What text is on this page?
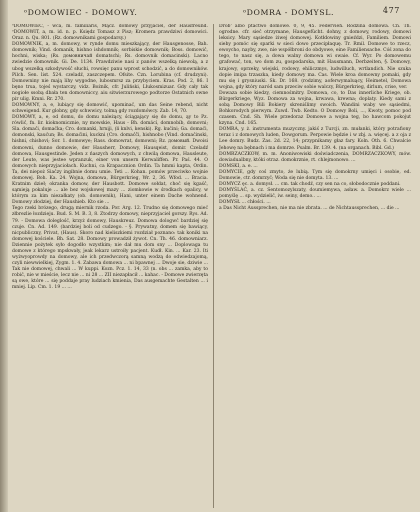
ᵒDOMOWIEC - DOMOWY.	ᵒDOMRA - DOMYSL.	477

ᵒDOMOWIEC, - wca, m. familiaris, Mącz. domowy przyjaciel, der Hausfreund. ᵒDOMOWIT, a, m. id. n. p. Księdz Tomasz z Pisz; Kromera prawdziwi domowici. Oraz. n. Qu. 801. (Rz. domownikami gospodarsy.)

DOMOWNIK, a, m. domowy, w rynde domu mieszkający, der Hausgenosse, Bah. domownik; Vind. domanik, hishno ishdomnik; sorbiskie domownik; Boss. domowić, hochni, wiska; (Rs. домовничай domatschi; Rs. domovnik domacinski). Lacno zwiedzie domownik. Gi. De. 1134. Prawdziwie nasi z panów wszelką niewolą, a z ubog wszelką szkodywość słuchi, rowsięc panu wprost schodzić, a do domowników. Pilch. Sen. list. 524. czeladź, zaszczepem. Ofsite. Czn. Lorubina (cf. drudzyni). Domowniny nie mają lihy wygodne, lubosmrsz za przybyciem. Kras. Pod. 2, 86. I bęno trua, tojeś wystarczy, vidz. Bożnik, cfr. Juliński, Lłukosmizuar. Gdy cały tak nogiołe ssobą dbała ten domowniccy, aiu sitwierzurowego podtorze Ostatnich owne pir ulig. Kmni. Rr. 270.

DOMOWNY, a, e, lubiący się domowić, upominać, um das Seine rebend, nicht schweigend. Kur globny, gdy schwwicy, tolmą gdy rozdomówcy. Zab. 14, 70.

DOMOWY, a, e, od domu, do domu należący, ściągający się do domu, ąy to Pz. rówlić, fn. lir. kioknomicznie, ny mowskie, Haus - Bh. domácí, domnobíb, domovni; Sla. domaći, domaćka; Cro. domanki, hrniji, (li knlvi, kenski). Rg. kućini; Ga. domaći, domonski, kaućun; Bs. domaćini, kuckni (Cro. domaćči, hishnobo (Vind. domaćinski, hishni, chishovi; Sor. 1. domowye; Rass. domowrat, domowni; Rz. домовый. Dwoisi domowni, dunno domowie, der Hausherr, Domowy, Hausqeist, domir. Czeladź domowa, Hausgestinde. Jeden z ńaszych domowych, z chwilą domowa, Hausleute, der Leute, was jestee wpranzuk, einer von unsern Kerwaliffen. Pr. Paś. 44. O domowych nieprzyjaciołach. Kuchni, ca Krapacznion Ordin. Ta hmmi kapta, Ordin. Ta, dei niepoż Siaćzy ingibnie domu umie. Teti ... Kohan. pomów przeciwko wojnie domowej. Boh. Ka. 24. Wojna, domowa, Bürgerkrieg, Wr. 2, 36. Wfod. ... Bracia. Kratnim dzieł; okranka domow, der Hausbott. Domowe sołdat, choć się kgaść, sąmieją pokaluje ... ale bez wojskowej mazy ... ziomkowie w środkach opalicy, w którym za kim niezałkaty (ob. domownik), Hani, unter einem Dache wohnend. Domowy złodziej, der Haushieb. Kto sie ...

Tego rzeki brózego, drugą miernik rzoda. Por. Arg. 12. Trudno się domowego mieć złbrezlie łozdzieju. Bud. S. M. B. 3, 8. Ztodrzy domowy, nieprzyjaciel gorszy. Rys. Ad. 79. - Domowa doleglość, krzyż domowy, Hauskreuz. Domowa dologwć bardziej się czuje. Cn. Ad. 149. (bardziej boli od cudzego. - §. Prywatny, domem się bawiący, nicpubliczny, Privat, (Haus). Skoro nad kieliszkiemi rozdział poznano: tak koniki na domowej kościele. Bh. Sat. 28. Domowy prowadził żywot. Cn. Th. 46. domowniarz. Dziennie pożytek syło dogodło wzystkim; nie dał mu dom sny ... Doplowaga tu domowe z którego mpskwały, jeak lekarz ustroiły pacjent. Kudł. Kin. ... Kar. 23. Iti wyżwyoprowdy na domowy, ale ich przedwczorą samną wodzą do odwiedzajomą, czyli niewwielkiej, Zygm. 1. 4. Zabawa domowa ... ni bpawnej ... Dwoje sie, dziwie ... Tak nie domowej, chwali ... W kuppi. Kozn. Pcz. 1. 14, 33 (n. obs ... zamka, aby to robić, nie w mieście, lecz nie ... ni 28 ... ZII niezapłacił ... kahac. - Domowe zwierzęta są owe, które ... się poddaje pray ludziach kmienia, Das ausgemachte Gestalten ... i mniej. Lip. Cm. 1. 19 ... ...

Drob' albo ptactwo domowe. 0, 9, 45. Federvieh. Rodzina domowa. Cn. Th. ogrodne. cfr. sieć otrzymane, Hausgefücht. dohny, z domowy, rodowy, domowi leksicy. Mary sąsiedze żiwej domowej. Kotłdowiny gnieździ, Familiem. Domowi sieby pomóc się sparki w sieci dowo przecipłaquę. Tr. Rmil. Domowe to rzecz, ewoycho, nayby, zwe, nie współbroni do obdyowe, eine Familiensache. Cóś zona do tego, to nasz się, a dowa walny domowa wi swaie. Cf. Wyr. Po domowemu grafować, ton, wo dom zu, gospodarska, mit Hausmann, Derbzeiten, §. Domowy, krajowy, oprzeky, wiejski, rodowy, ehiliczmys, ludwilluch, wrtlandich. Nie szuka dopie imipa trzaszka, kiedy domowy ma. Cas. Wiele kroa domowny pomaki, gdy mu się i grysniuski. Sk. Dr. 168. (rodzimy, aoferwymaluący, Heimetel, Domowa wojna, gdy który naród sam przeciw sobie walczy, Bürgerkrieg, dirlum, crise, ver.

Dowaza sobie kiedzy, ciemnośmitry. Domowa, co, to Das innerliche Kriege, ob. Bürgerkriege, Wyz. Domowa za wojna, krwawa, krewna; doplaty. Kiedy sami z sobą Domowy Bili Bokiery skreniślimy swoich. Wandini waby we sąsiedmi, Bohkorodych pierwym. Zuwd. Twb. Kedto. O Domowy Boli, ..., Kwoty, pomoc pod czasem. Cnd. Sh. Wiele przedoraz Domowe a wojna teg, bo hawcom pokojut kzyna. Cnd. 165.

DOMRA, y. ż. instrumenta muzyczny. jakiś z Turcji, zn. mułanki, który potrafiony teraz i z domowych luden, Dowgorum. Perpowie będzie i w zbj. a. więcej. a z oja z Lee domry. Budz. Zas. 2d. 22, 14; przypnikamy głaz fary. Koln. Oth. 6. Chwalcie Jehowę na bębnach i ma domrze. Psalm. Br. 139. 4. (na organach. Bibl. Gd.)

DOMRZACZKOW, m. m. Anoniwowiski doświadczenia, DOMRZACZKOWY, mów. dowiadualbny, któki otraz. domokrznie, rt. chlejmonowo. ...

DOMSKI, a. e. ...

DOMYCIE, gdy coś zmyto, że lubią. Tym się domokrny umięci i osobie, ed. Domowie, ctr. domrzyć; Woda się nie domyta. 13. ...

DOMYCZ ęc. a. domysł. ... cm. tak chodź, czy sen na co, słobodocznie poddani.

DOMYŚLAĆ, a. cz. Sentomozylszaty, doumiemywa, asław. a. Domokrz wiele ... pomyślę ... sp. wydzielić, iw. seiny, demo.. ...

DOMYSŁ ... chłości. ...

a Das Nicht Aussprechen, nie ma nie zbrata. ... de Nichtaussprechen, ... die ...
